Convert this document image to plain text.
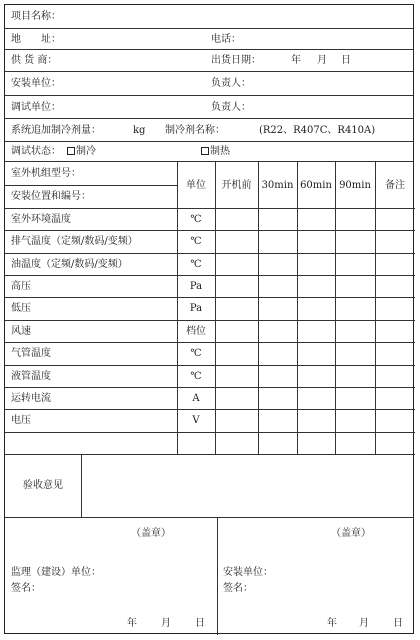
项目名称：
地　　址：	电话：
供 货 商：	出货日期：	年 月 日
安装单位：	负责人：
调试单位：	负责人：
系统追加制冷剂量：	kg 制冷剂名称：	(R22、R407C、R410A)
调试状态：	制冷	制热
室外机组型号：
安装位置和编号：
单位	开机前	30min 60min 90min	备注
室外环境温度	℃
排气温度（定频/数码/变频）	℃
油温度（定频/数码/变频）	℃
高压	Pa
低压	Pa
风速	档位
气管温度	℃
液管温度	℃
运转电流	A
电压	V
验收意见
（盖章）
监理（建设）单位：
签名：
年 月 日
（盖章）
安装单位：
签名：
年 月 日
